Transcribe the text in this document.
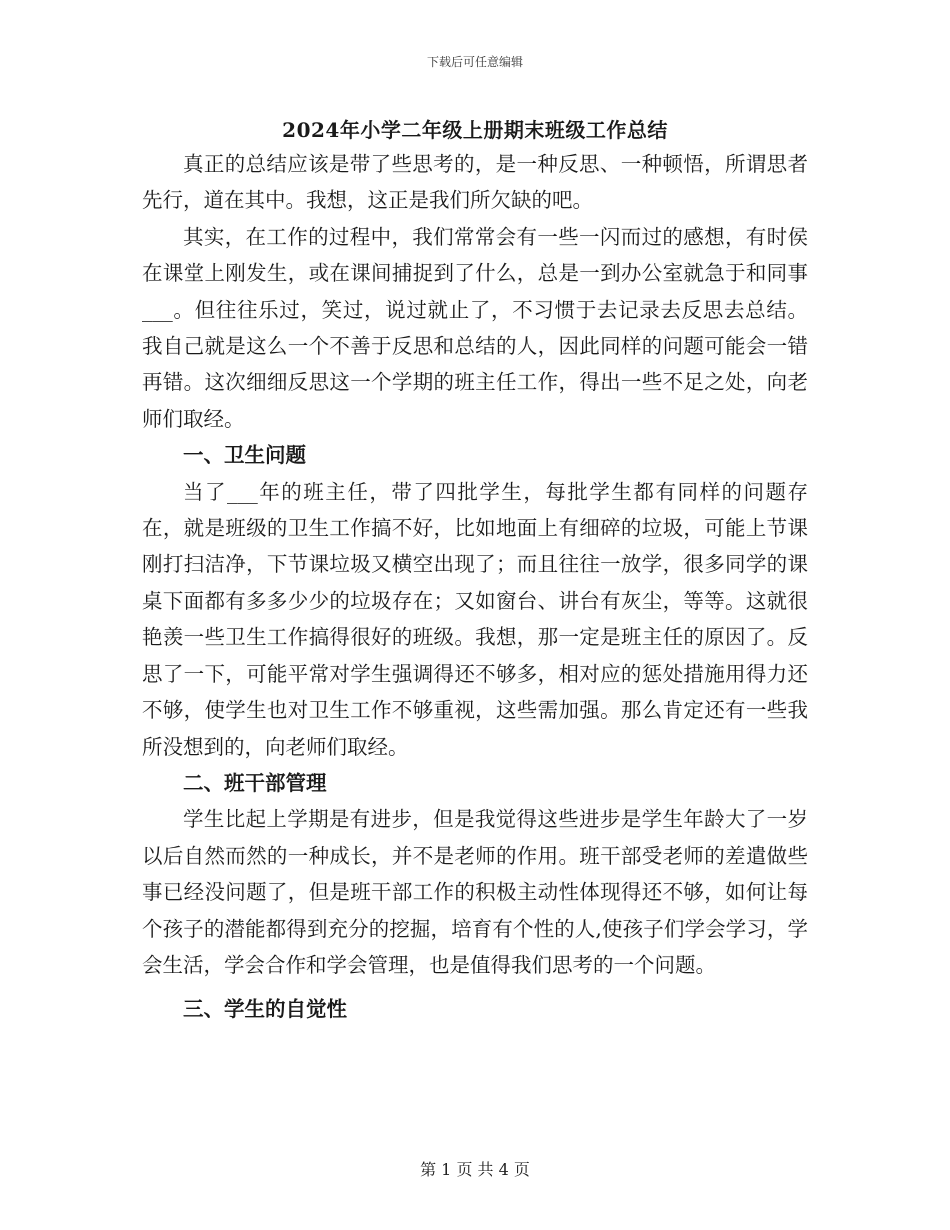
下载后可任意编辑
2024年小学二年级上册期末班级工作总结

真正的总结应该是带了些思考的，是一种反思、一种顿悟，所谓思者先行，道在其中。我想，这正是我们所欠缺的吧。

其实，在工作的过程中，我们常常会有一些一闪而过的感想，有时侯在课堂上刚发生，或在课间捕捉到了什么，总是一到办公室就急于和同事___。但往往乐过，笑过，说过就止了，不习惯于去记录去反思去总结。我自己就是这么一个不善于反思和总结的人，因此同样的问题可能会一错再错。这次细细反思这一个学期的班主任工作，得出一些不足之处，向老师们取经。

一、卫生问题

当了___年的班主任，带了四批学生，每批学生都有同样的问题存在，就是班级的卫生工作搞不好，比如地面上有细碎的垃圾，可能上节课刚打扫洁净，下节课垃圾又横空出现了；而且往往一放学，很多同学的课桌下面都有多多少少的垃圾存在；又如窗台、讲台有灰尘，等等。这就很艳羡一些卫生工作搞得很好的班级。我想，那一定是班主任的原因了。反思了一下，可能平常对学生强调得还不够多，相对应的惩处措施用得力还不够，使学生也对卫生工作不够重视，这些需加强。那么肯定还有一些我所没想到的，向老师们取经。

二、班干部管理

学生比起上学期是有进步，但是我觉得这些进步是学生年龄大了一岁以后自然而然的一种成长，并不是老师的作用。班干部受老师的差遣做些事已经没问题了，但是班干部工作的积极主动性体现得还不够，如何让每个孩子的潜能都得到充分的挖掘，培育有个性的人,使孩子们学会学习，学会生活，学会合作和学会管理，也是值得我们思考的一个问题。

三、学生的自觉性
第 1 页 共 4 页
